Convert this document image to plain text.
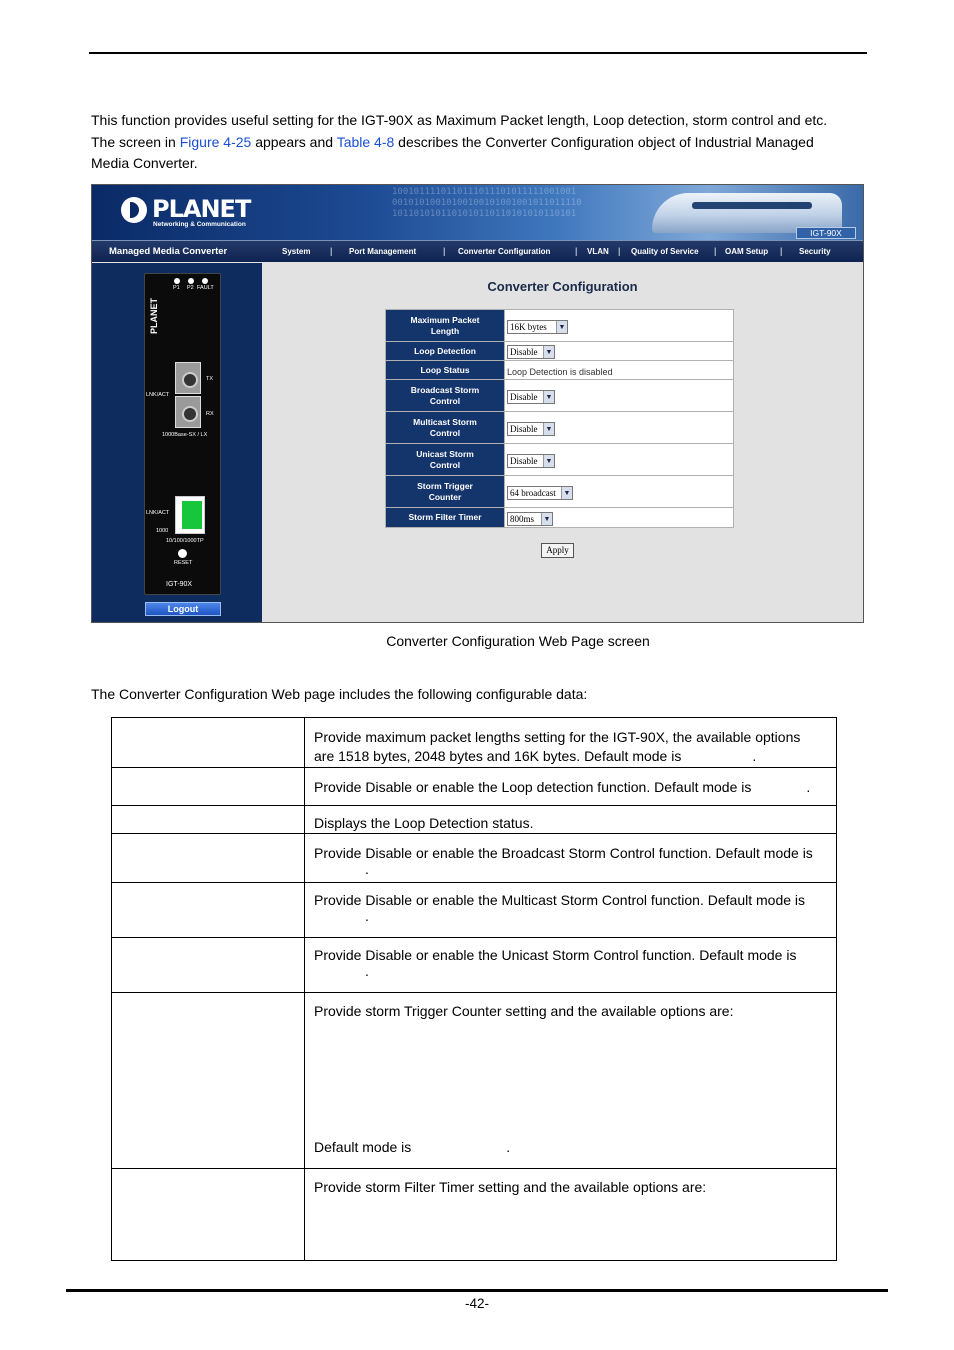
This function provides useful setting for the IGT-90X as Maximum Packet length, Loop detection, storm control and etc.
The screen in Figure 4-25 appears and Table 4-8 describes the Converter Configuration object of Industrial Managed
Media Converter.
1001011110110111011101011111001001
00101010010100100101001001011011110
1011010101101010110110101010110101
PLANET
Networking & Communication
IGT-90X
Managed Media Converter	System | Port Management	| Converter Configuration	| VLAN | Quality of Service | OAM Setup | Security
PLANET
P1 P2 FAULT
LNK/ACT
TX
RX
1000Base-SX / LX
LNK/ACT
1000
10/100/1000TP
RESET
IGT-90X
Logout
Converter Configuration
Maximum Packet
Length	16K bytes ▼

Loop Detection	Disable ▼

Loop Status	Loop Detection is disabled
Broadcast Storm
Control	Disable ▼

Multicast Storm
Control	Disable ▼

Unicast Storm
Control	Disable ▼

Storm Trigger
Counter	64 broadcast ▼

Storm Filter Timer	800ms ▼
Apply
Converter Configuration Web Page screen
The Converter Configuration Web page includes the following configurable data:
	Provide maximum packet lengths setting for the IGT-90X, the available options
are 1518 bytes, 2048 bytes and 16K bytes. Default mode is .
	Provide Disable or enable the Loop detection function. Default mode is .
	Displays the Loop Detection status.
	Provide Disable or enable the Broadcast Storm Control function. Default mode is
.
	Provide Disable or enable the Multicast Storm Control function. Default mode is
.
	Provide Disable or enable the Unicast Storm Control function. Default mode is
.
	Provide storm Trigger Counter setting and the available options are:
Default mode is .

	Provide storm Filter Timer setting and the available options are:
-42-
